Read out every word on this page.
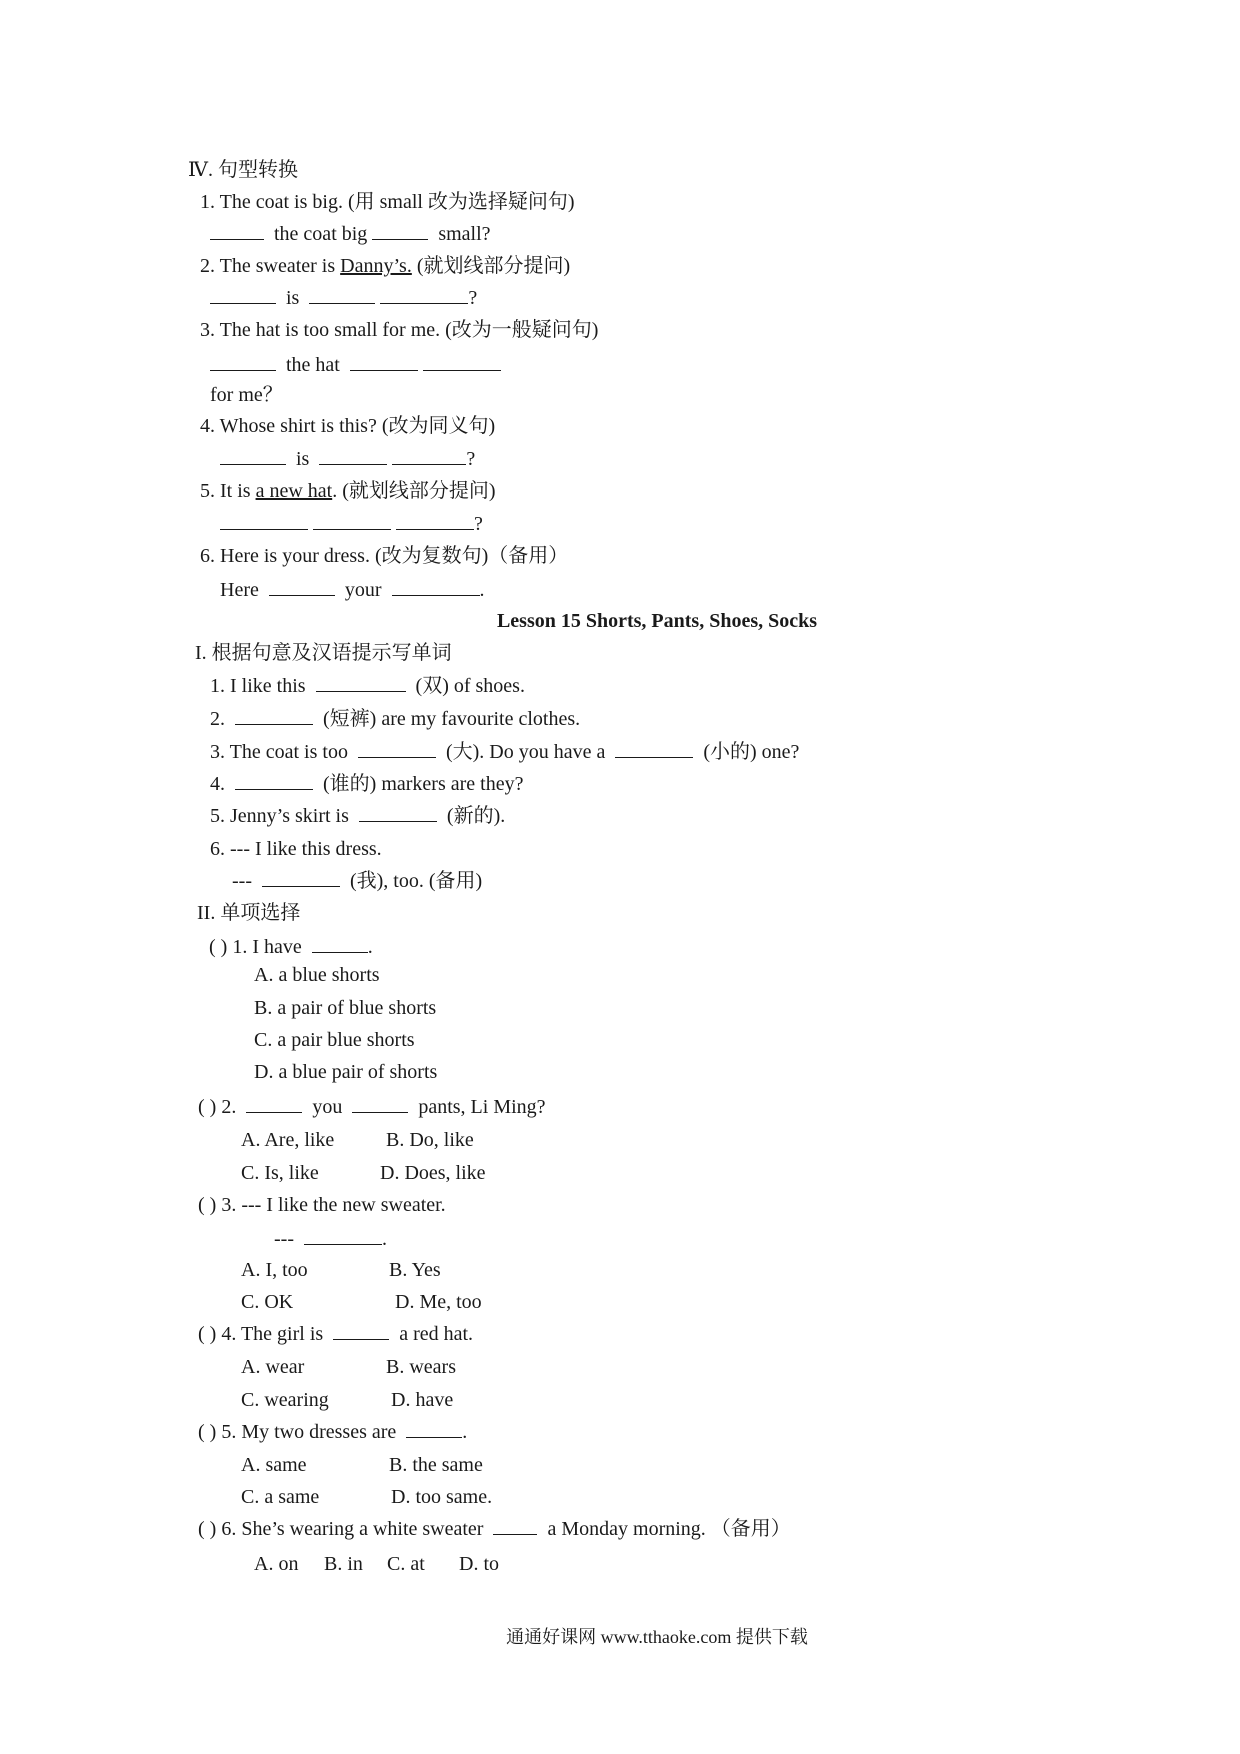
Ⅳ. 句型转换
1. The coat is big. (用 small 改为选择疑问句)
the coat big	small?
2. The sweater is Danny’s. (就划线部分提问)
is	?
3. The hat is too small for me. (改为一般疑问句)
the hat
for me？
4. Whose shirt is this? (改为同义句)
is	?
5. It is a new hat. (就划线部分提问)
?
6. Here is your dress. (改为复数句)（备用）
Here	your	.
Lesson 15 Shorts, Pants, Shoes, Socks
I. 根据句意及汉语提示写单词
1. I like this	(双) of shoes.
2.	(短裤) are my favourite clothes.
3. The coat is too	(大). Do you have a	(小的) one?
4.	(谁的) markers are they?
5. Jenny’s skirt is	(新的).
6. --- I like this dress.
---	(我), too. (备用)
II. 单项选择
( ) 1. I have	.
A. a blue shorts
B. a pair of blue shorts
C. a pair blue shorts
D. a blue pair of shorts
( ) 2.	you	pants, Li Ming?
A. Are, like	B. Do, like
C. Is, like	D. Does, like
( ) 3. --- I like the new sweater.
---	.
A. I, too	B. Yes
C. OK	D. Me, too
( ) 4. The girl is	a red hat.
A. wear	B. wears
C. wearing	D. have
( ) 5. My two dresses are	.
A. same	B. the same
C. a same	D. too same.
( ) 6. She’s wearing a white sweater	a Monday morning. （备用）
A. on B. in C. at D. to
通通好课网 www.tthaoke.com 提供下载
